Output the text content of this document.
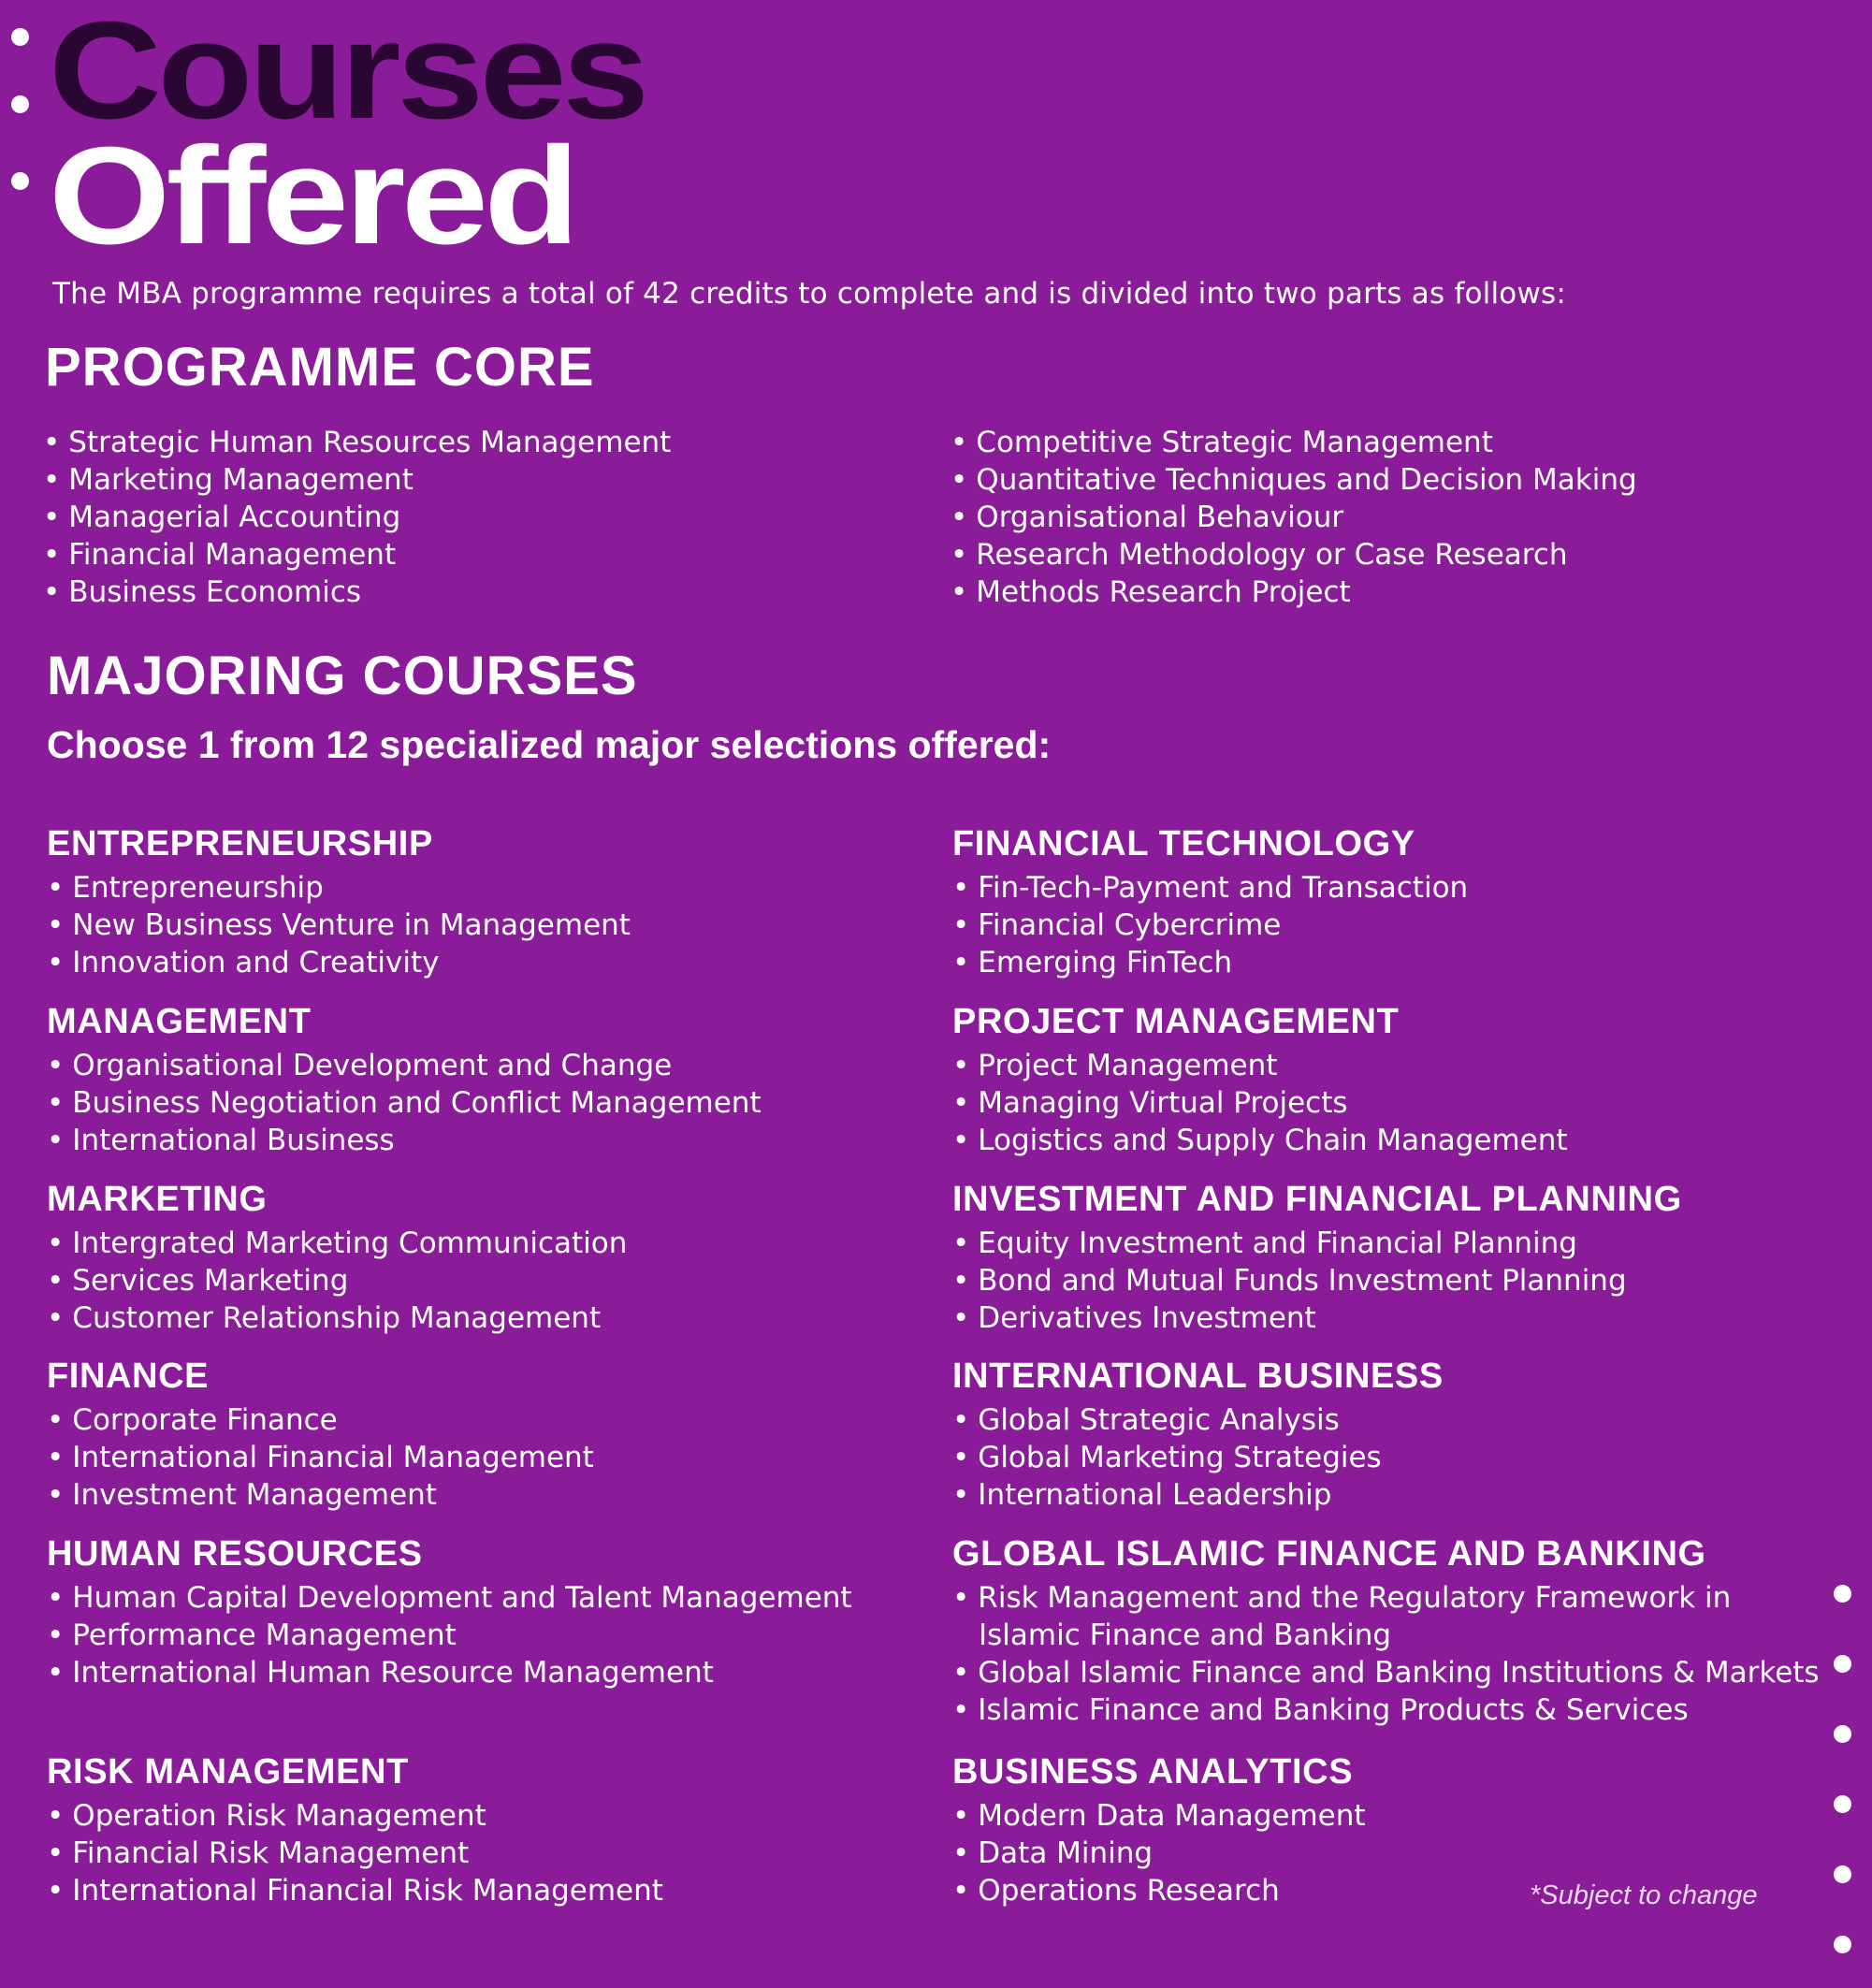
Courses
Offered

The MBA programme requires a total of 42 credits to complete and is divided into two parts as follows:

PROGRAMME CORE
• Strategic Human Resources Management
• Marketing Management
• Managerial Accounting
• Financial Management
• Business Economics
• Competitive Strategic Management
• Quantitative Techniques and Decision Making
• Organisational Behaviour
• Research Methodology or Case Research
• Methods Research Project
MAJORING COURSES

Choose 1 from 12 specialized major selections offered:

ENTREPRENEURSHIP
• Entrepreneurship
• New Business Venture in Management
• Innovation and Creativity
MANAGEMENT
• Organisational Development and Change
• Business Negotiation and Conflict Management
• International Business
MARKETING
• Intergrated Marketing Communication
• Services Marketing
• Customer Relationship Management
FINANCE
• Corporate Finance
• International Financial Management
• Investment Management
HUMAN RESOURCES
• Human Capital Development and Talent Management
• Performance Management
• International Human Resource Management
RISK MANAGEMENT
• Operation Risk Management
• Financial Risk Management
• International Financial Risk Management
FINANCIAL TECHNOLOGY
• Fin-Tech-Payment and Transaction
• Financial Cybercrime
• Emerging FinTech
PROJECT MANAGEMENT
• Project Management
• Managing Virtual Projects
• Logistics and Supply Chain Management
INVESTMENT AND FINANCIAL PLANNING
• Equity Investment and Financial Planning
• Bond and Mutual Funds Investment Planning
• Derivatives Investment
INTERNATIONAL BUSINESS
• Global Strategic Analysis
• Global Marketing Strategies
• International Leadership
GLOBAL ISLAMIC FINANCE AND BANKING
• Risk Management and the Regulatory Framework in
Islamic Finance and Banking
• Global Islamic Finance and Banking Institutions & Markets
• Islamic Finance and Banking Products & Services
BUSINESS ANALYTICS
• Modern Data Management
• Data Mining
• Operations Research	*Subject to change
